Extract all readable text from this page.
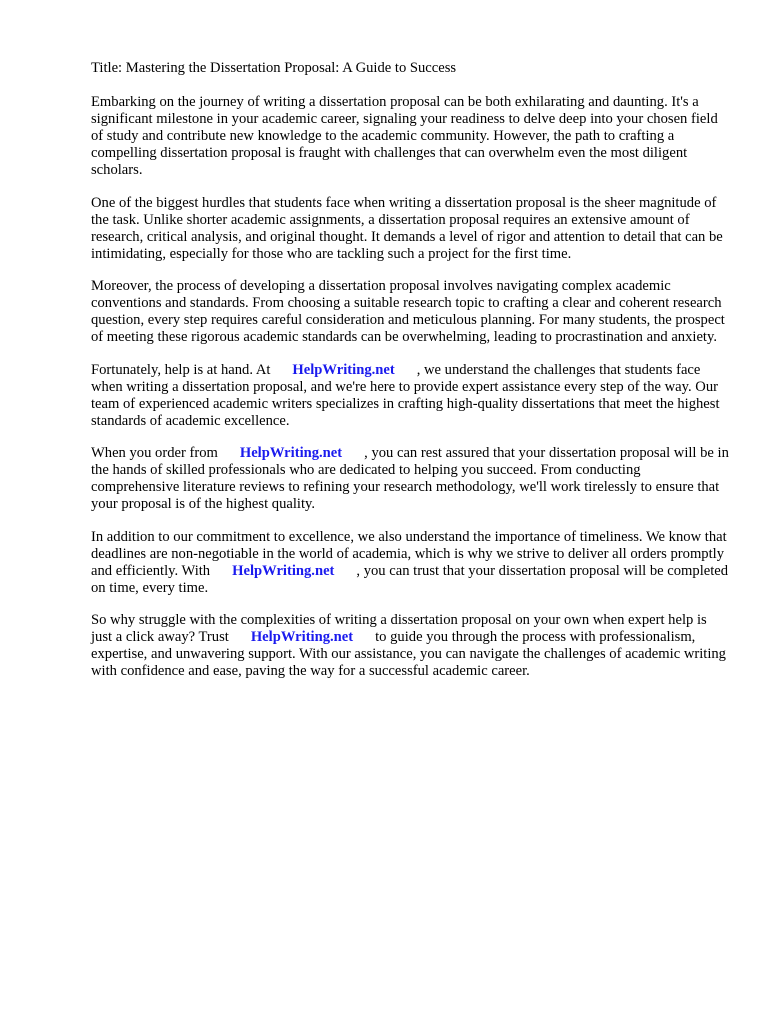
Title: Mastering the Dissertation Proposal: A Guide to Success

Embarking on the journey of writing a dissertation proposal can be both exhilarating and daunting. It's a significant milestone in your academic career, signaling your readiness to delve deep into your chosen field of study and contribute new knowledge to the academic community. However, the path to crafting a compelling dissertation proposal is fraught with challenges that can overwhelm even the most diligent scholars.

One of the biggest hurdles that students face when writing a dissertation proposal is the sheer magnitude of the task. Unlike shorter academic assignments, a dissertation proposal requires an extensive amount of research, critical analysis, and original thought. It demands a level of rigor and attention to detail that can be intimidating, especially for those who are tackling such a project for the first time.

Moreover, the process of developing a dissertation proposal involves navigating complex academic conventions and standards. From choosing a suitable research topic to crafting a clear and coherent research question, every step requires careful consideration and meticulous planning. For many students, the prospect of meeting these rigorous academic standards can be overwhelming, leading to procrastination and anxiety.

Fortunately, help is at hand. At HelpWriting.net , we understand the challenges that students face when writing a dissertation proposal, and we're here to provide expert assistance every step of the way. Our team of experienced academic writers specializes in crafting high-quality dissertations that meet the highest standards of academic excellence.

When you order from HelpWriting.net , you can rest assured that your dissertation proposal will be in the hands of skilled professionals who are dedicated to helping you succeed. From conducting comprehensive literature reviews to refining your research methodology, we'll work tirelessly to ensure that your proposal is of the highest quality.

In addition to our commitment to excellence, we also understand the importance of timeliness. We know that deadlines are non-negotiable in the world of academia, which is why we strive to deliver all orders promptly and efficiently. With HelpWriting.net , you can trust that your dissertation proposal will be completed on time, every time.

So why struggle with the complexities of writing a dissertation proposal on your own when expert help is just a click away? Trust HelpWriting.net to guide you through the process with professionalism, expertise, and unwavering support. With our assistance, you can navigate the challenges of academic writing with confidence and ease, paving the way for a successful academic career.
